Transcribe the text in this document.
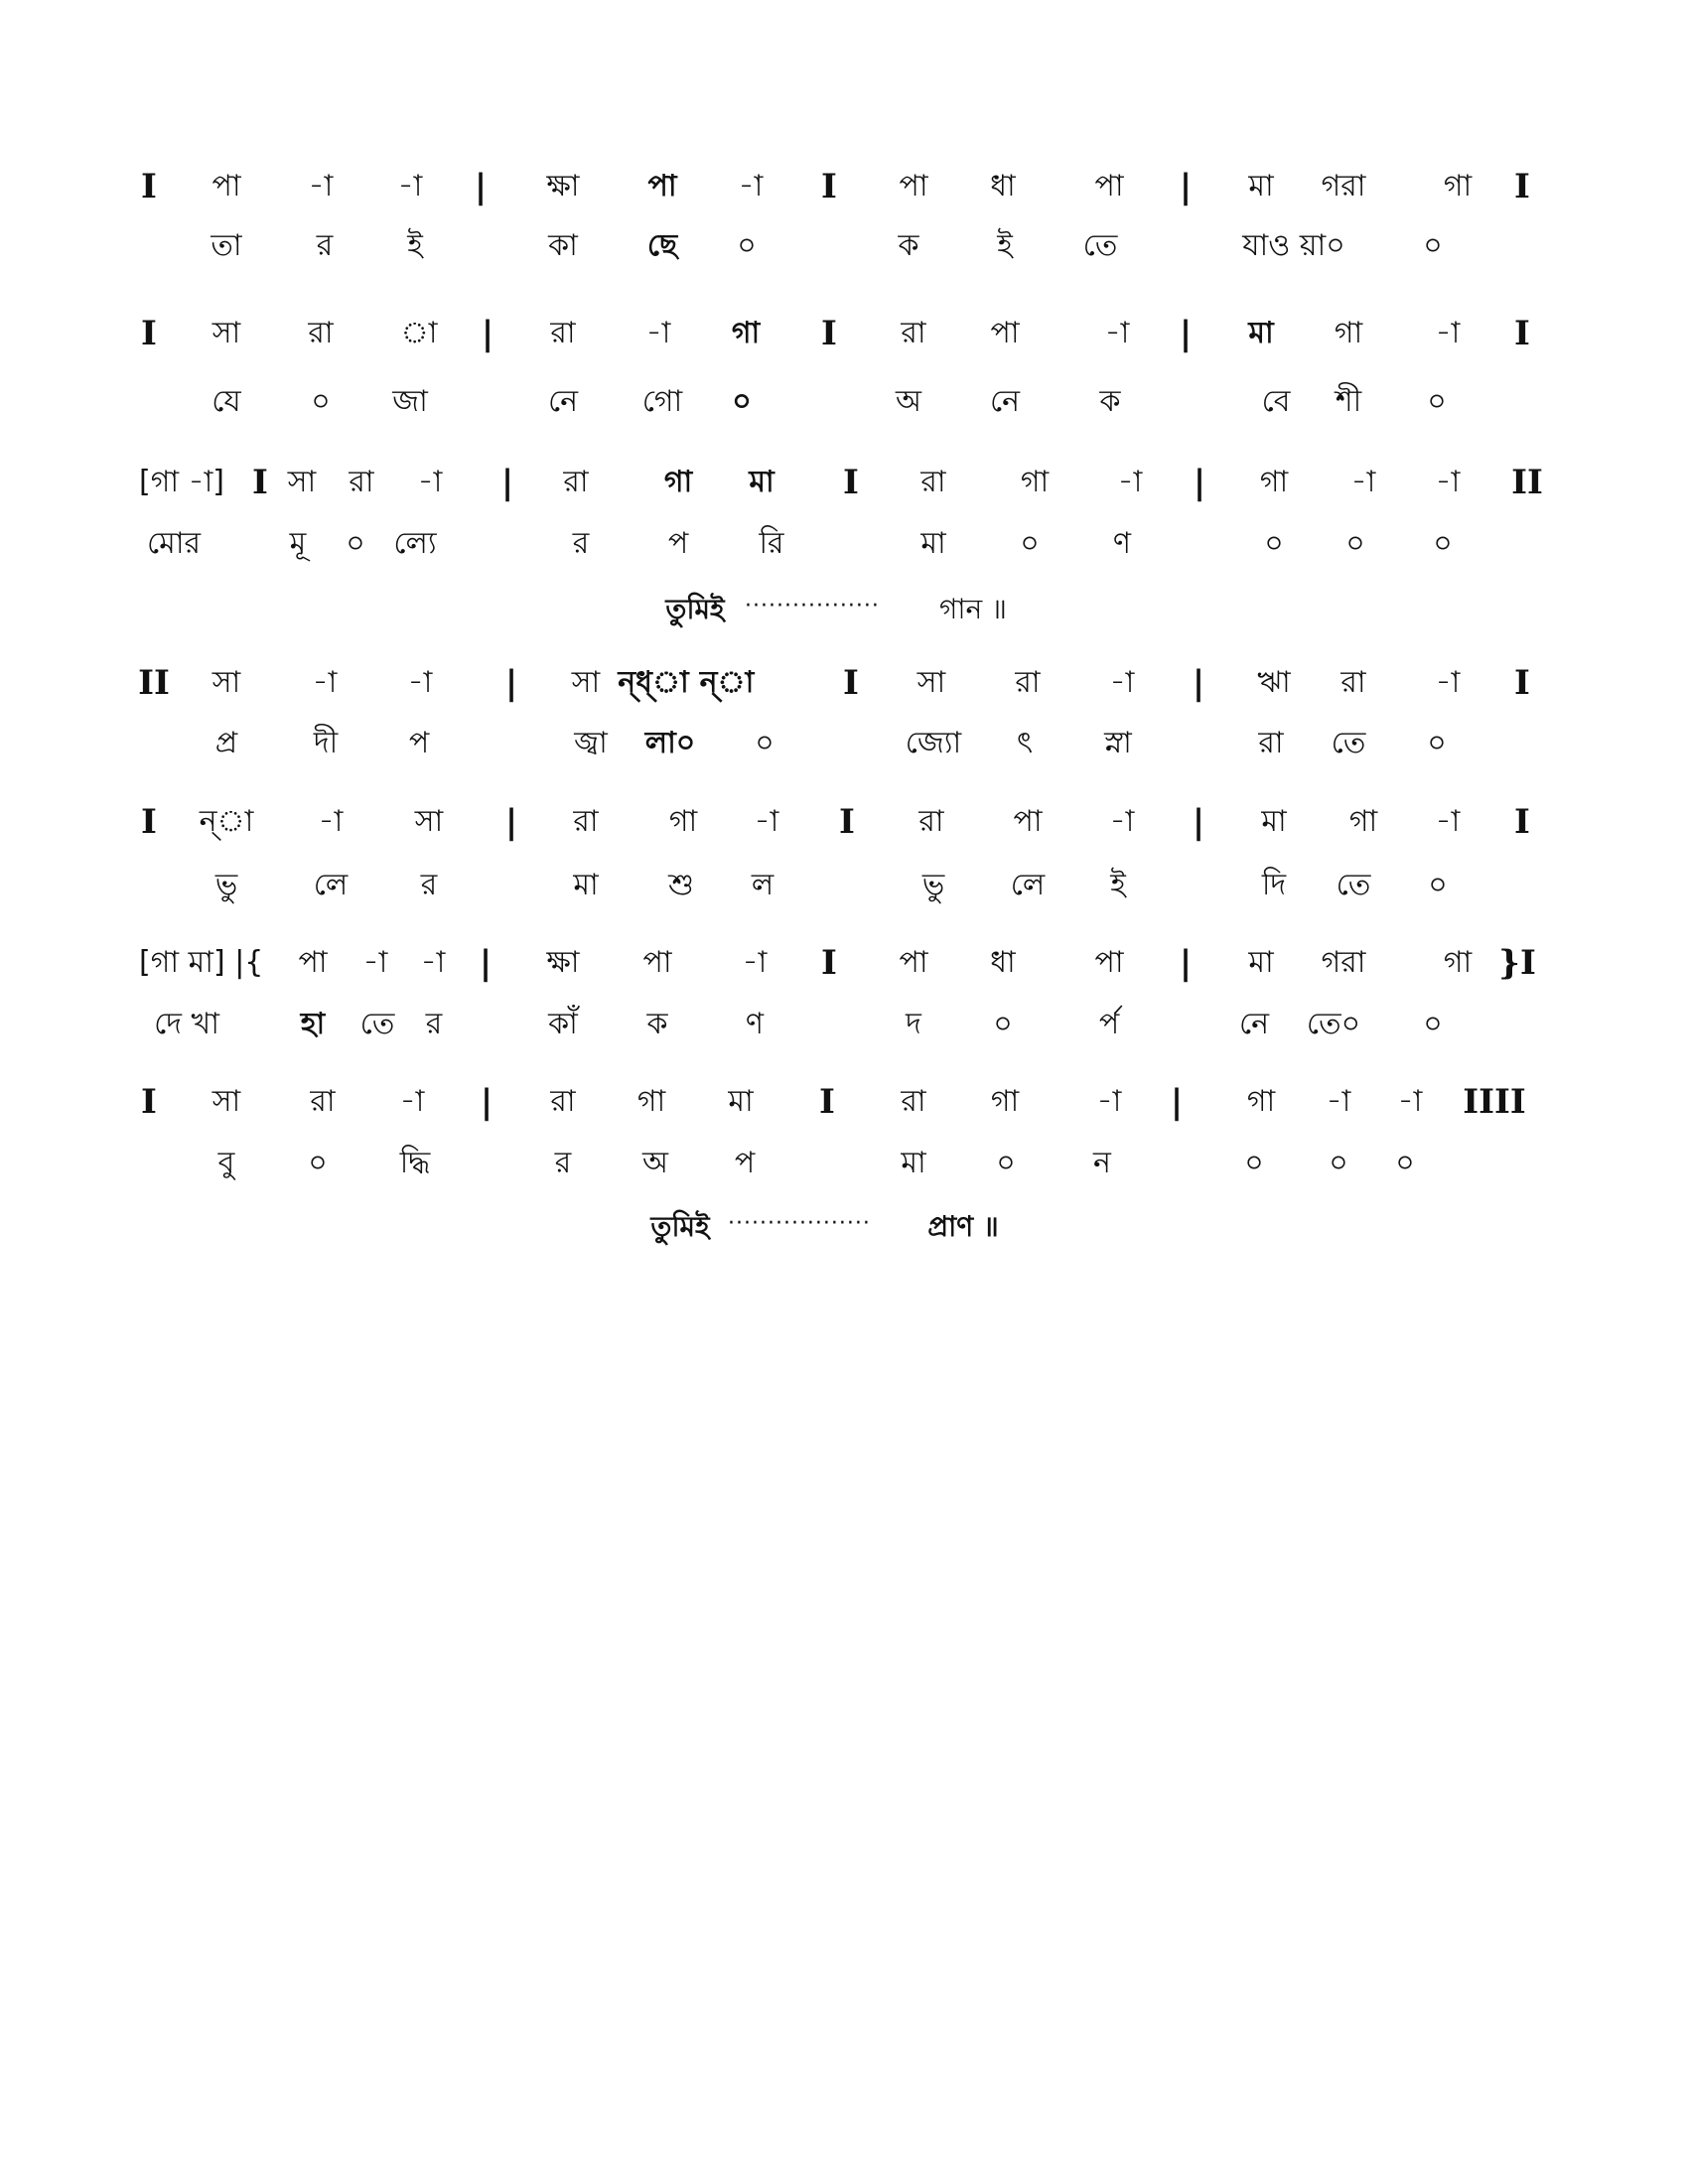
I পা -া -া | ক্ষা পা -া I পা ধা	পা | মা গরা	গা I
তা	র ই	কা ছে ০	ক	ই তে	যাও য়া০	০
I সা রা া | রা -া গা I রা পা	-া | মা গা -া I
যে ০ জা	নে গো ০	অ নে	ক	বে শী ০
[গা -া] I সা রা -া | রা	গা মা I রা	গা -া | গা -া -া II
মোর	মূ ০ ল্যে	র	প রি	মা ০ ণ	০ ০ ০
তুমিই ················· গান ॥
II সা -া -া | সা ন্ধ্া ন্া	I সা রা -া | ঋা রা -া I
প্র	দী প	জ্বা লা০ ০	জ্যো ৎ স্না	রা তে ০
I ন্া -া সা | রা গা -া I রা পা -া | মা গা -া I
ভু	লে র	মা শু ল	ভু লে ই	দি তে ০
[গা মা] |{ পা -া -া | ক্ষা পা -া I পা ধা	পা | মা গরা	গা }I
দে খা	হা তে র	কাঁ ক	ণ	দ ০	র্প	নে তে০ ০
I সা রা -া | রা গা মা I রা গা	-া | গা -া -া IIII
বু ০ দ্ধি	র অ প	মা ০	ন	০ ০ ০
তুমিই ·················· প্রাণ ॥
